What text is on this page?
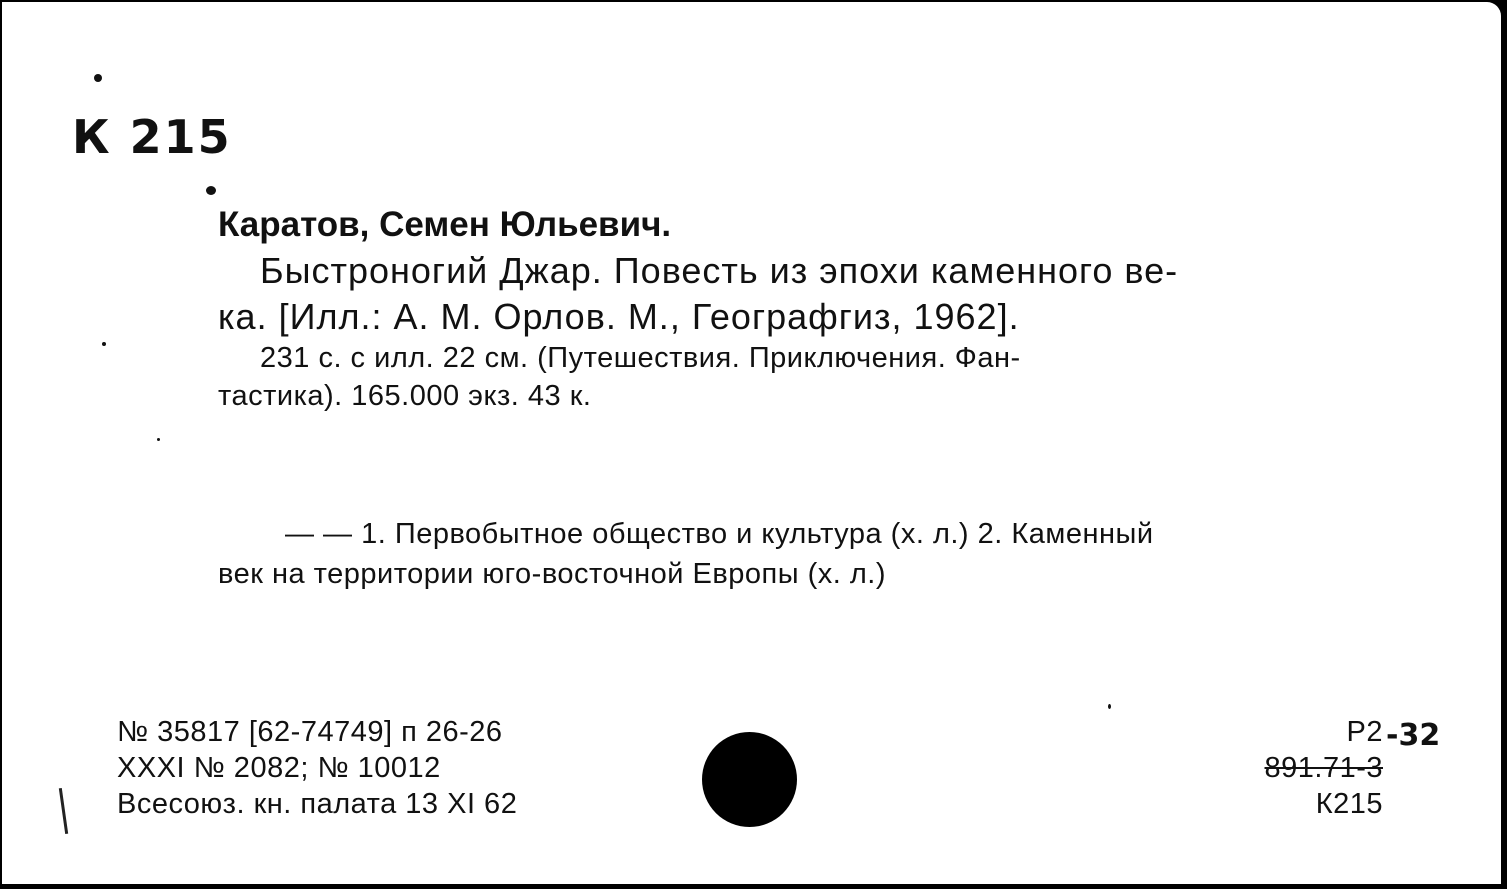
К 215
Каратов, Семен Юльевич.
Быстроногий Джар. Повесть из эпохи каменного ве-
ка. [Илл.: А. М. Орлов. М., Географгиз, 1962].
231 с. с илл. 22 см. (Путешествия. Приключения. Фан-
тастика). 165.000 экз. 43 к.
— — 1. Первобытное общество и культура (х. л.) 2. Каменный
век на территории юго-восточной Европы (х. л.)
№ 35817 [62-74749] п 26-26
XXXI № 2082; № 10012
Всесоюз. кн. палата 13 XI 62
Р2
891.71-3
К215
-32
